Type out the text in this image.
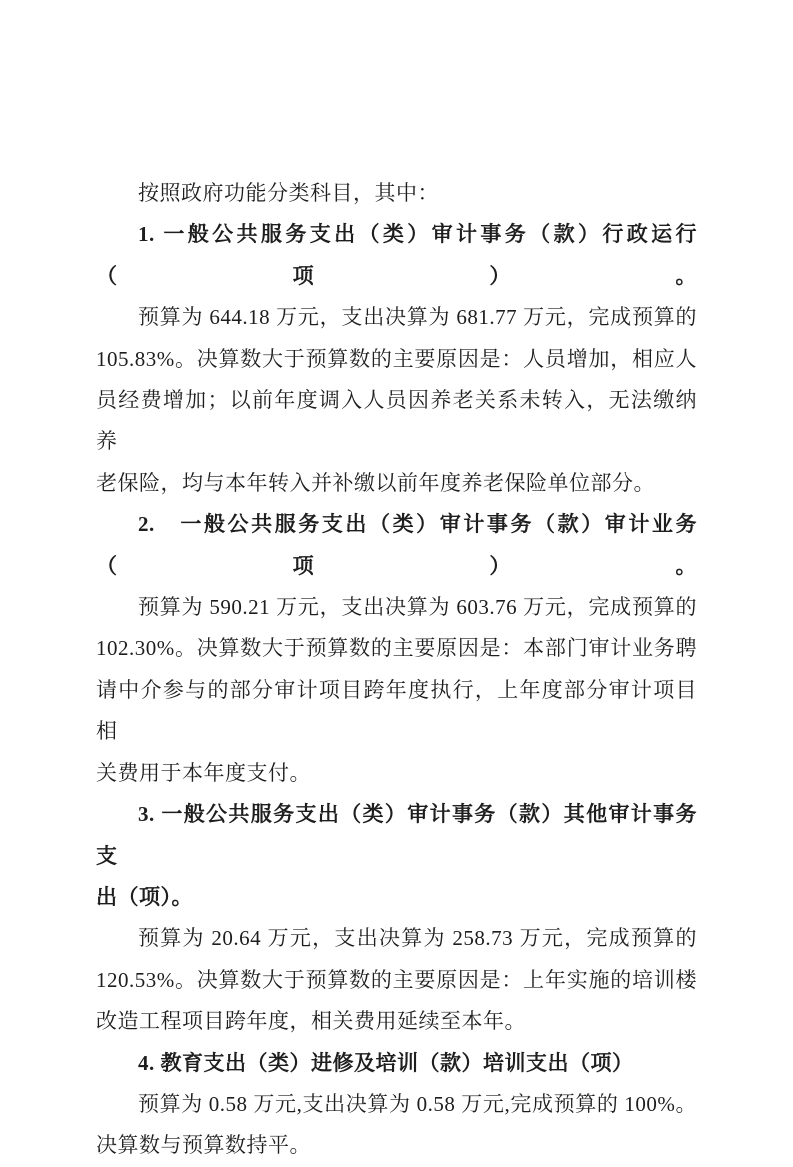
按照政府功能分类科目，其中：

1. 一般公共服务支出（类）审计事务（款）行政运行（项）。

预算为 644.18 万元，支出决算为 681.77 万元，完成预算的

105.83%。决算数大于预算数的主要原因是：人员增加，相应人

员经费增加；以前年度调入人员因养老关系未转入，无法缴纳养

老保险，均与本年转入并补缴以前年度养老保险单位部分。

2.　一般公共服务支出（类）审计事务（款）审计业务（项）。

预算为 590.21 万元，支出决算为 603.76 万元，完成预算的

102.30%。决算数大于预算数的主要原因是：本部门审计业务聘

请中介参与的部分审计项目跨年度执行，上年度部分审计项目相

关费用于本年度支付。

3. 一般公共服务支出（类）审计事务（款）其他审计事务支

出（项）。

预算为 20.64 万元，支出决算为 258.73 万元，完成预算的

120.53%。决算数大于预算数的主要原因是：上年实施的培训楼

改造工程项目跨年度，相关费用延续至本年。

4. 教育支出（类）进修及培训（款）培训支出（项）

预算为 0.58 万元,支出决算为 0.58 万元,完成预算的 100%。

决算数与预算数持平。
